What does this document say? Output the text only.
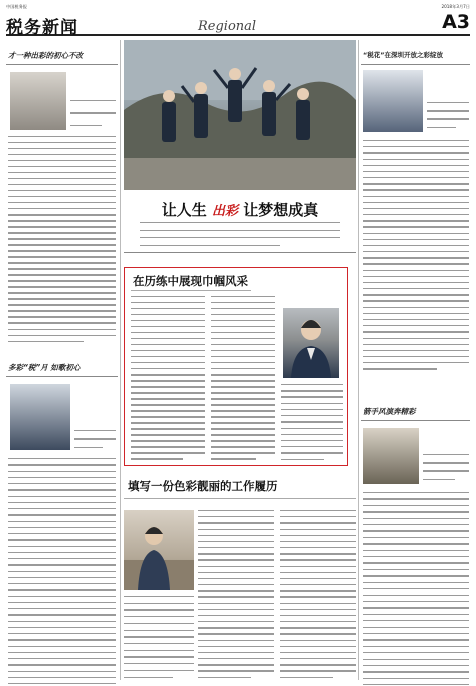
中国税务报	2018年3月7日
税务新闻	Regional	A3
才一种出彩的初心不改
多彩“税”月 如歌初心
让人生 出彩 让梦想成真
在历练中展现巾帼风采
填写一份色彩靓丽的工作履历
“税花”在深圳开放之彩绽放
箭手风演奔精彩
